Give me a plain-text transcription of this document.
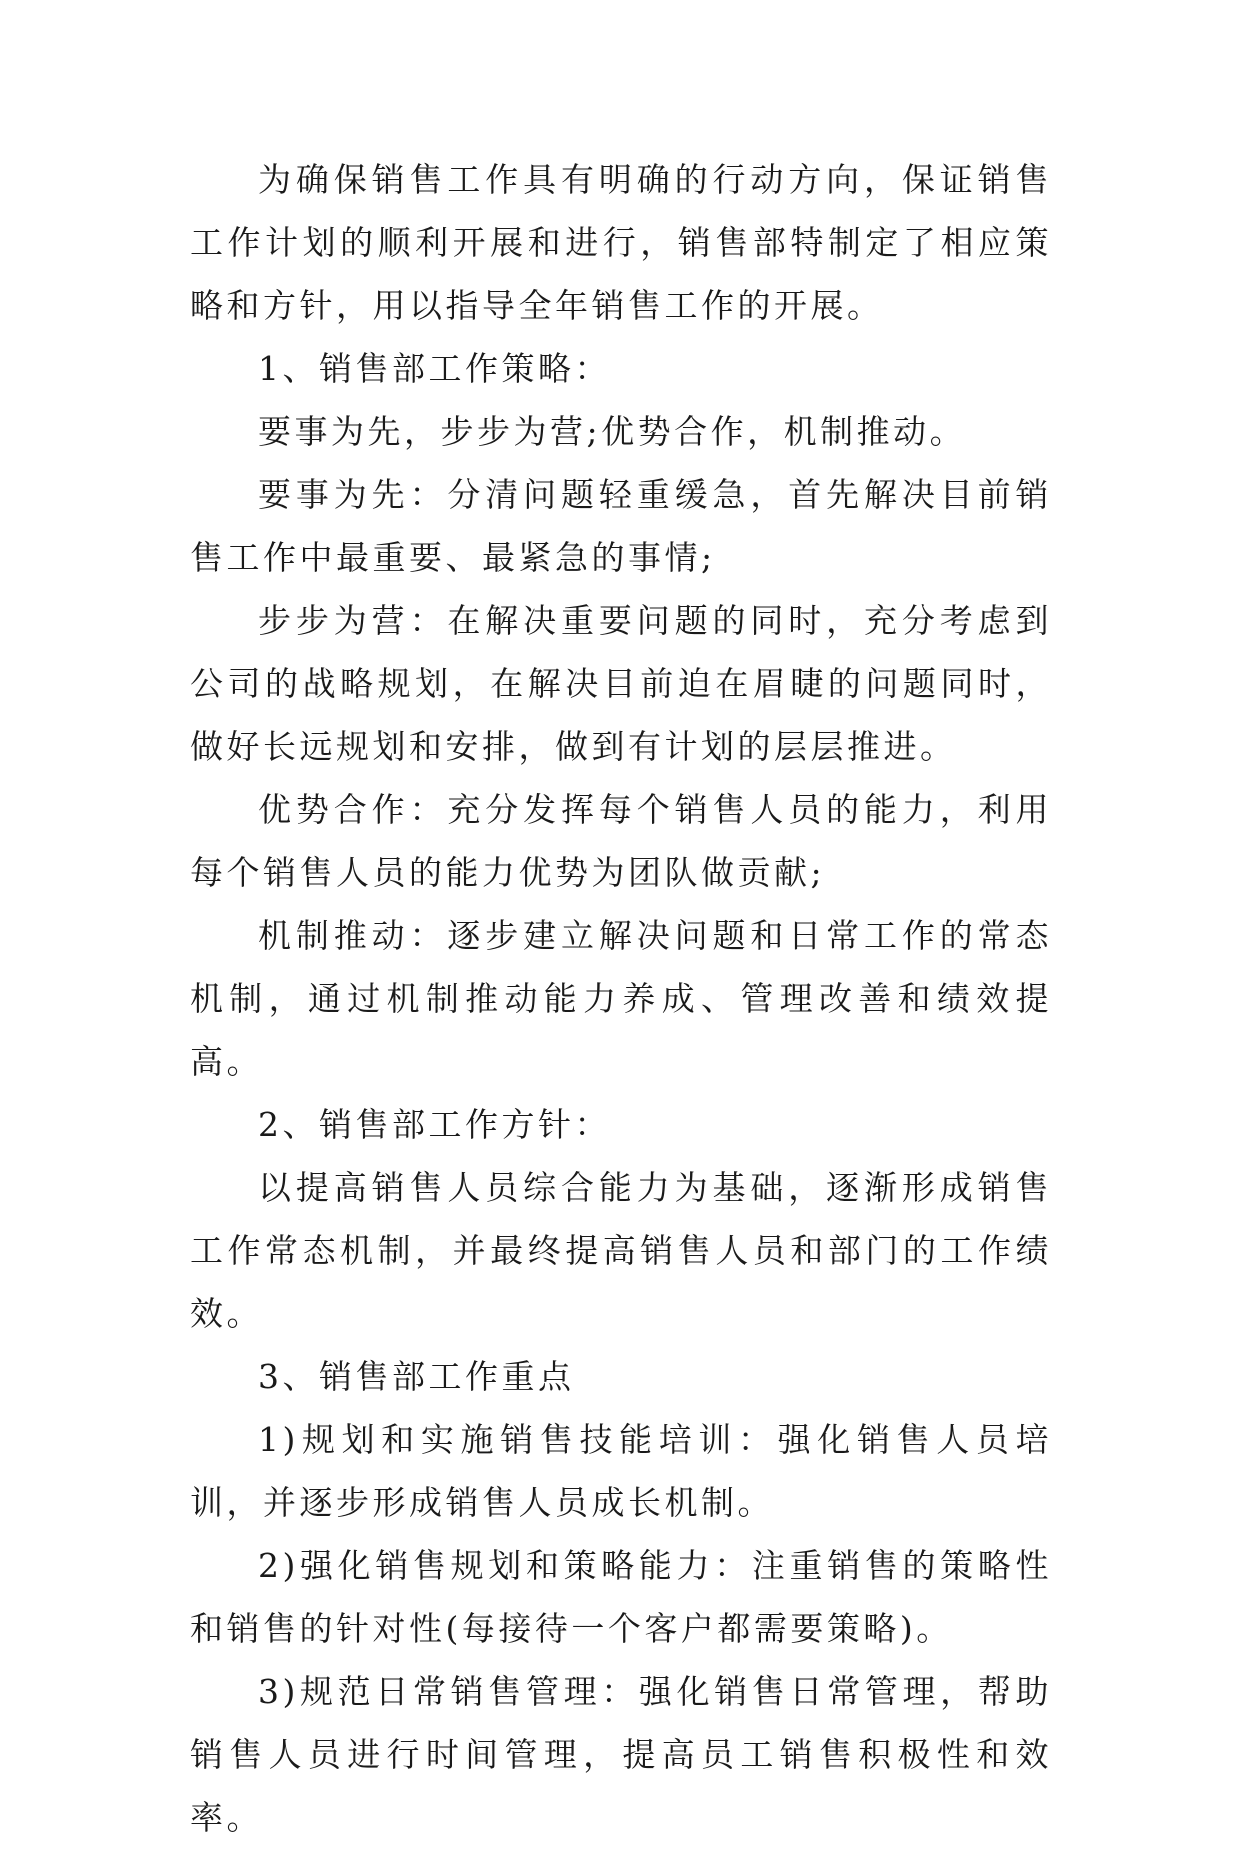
为确保销售工作具有明确的行动方向，保证销售工作计划的顺利开展和进行，销售部特制定了相应策略和方针，用以指导全年销售工作的开展。

1、销售部工作策略：

要事为先，步步为营;优势合作，机制推动。

要事为先：分清问题轻重缓急，首先解决目前销售工作中最重要、最紧急的事情;

步步为营：在解决重要问题的同时，充分考虑到公司的战略规划，在解决目前迫在眉睫的问题同时，做好长远规划和安排，做到有计划的层层推进。

优势合作：充分发挥每个销售人员的能力，利用每个销售人员的能力优势为团队做贡献;

机制推动：逐步建立解决问题和日常工作的常态机制，通过机制推动能力养成、管理改善和绩效提高。

2、销售部工作方针：

以提高销售人员综合能力为基础，逐渐形成销售工作常态机制，并最终提高销售人员和部门的工作绩效。

3、销售部工作重点

1)规划和实施销售技能培训：强化销售人员培训，并逐步形成销售人员成长机制。

2)强化销售规划和策略能力：注重销售的策略性和销售的针对性(每接待一个客户都需要策略)。

3)规范日常销售管理：强化销售日常管理，帮助销售人员进行时间管理，提高员工销售积极性和效率。
